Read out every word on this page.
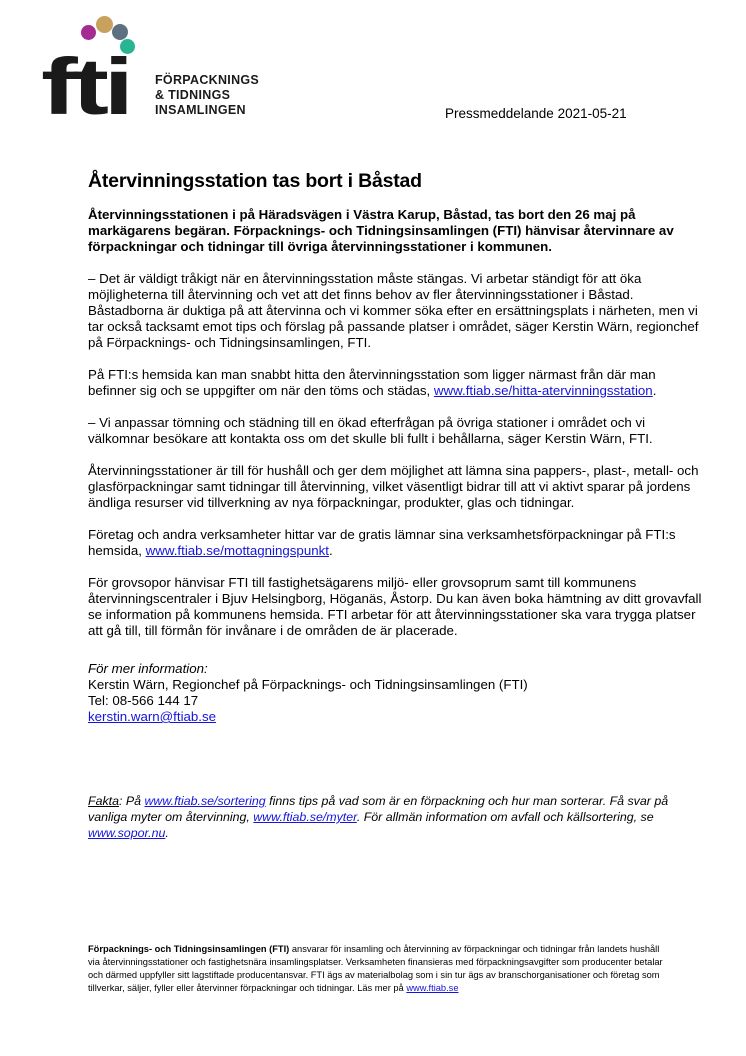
fti FÖRPACKNINGS
& TIDNINGS
INSAMLINGEN	Pressmeddelande 2021-05-21
Återvinningsstation tas bort i Båstad

Återvinningsstationen i på Häradsvägen i Västra Karup, Båstad, tas bort den 26 maj på markägarens begäran. Förpacknings- och Tidningsinsamlingen (FTI) hänvisar återvinnare av förpackningar och tidningar till övriga återvinningsstationer i kommunen.

– Det är väldigt tråkigt när en återvinningsstation måste stängas. Vi arbetar ständigt för att öka möjligheterna till återvinning och vet att det finns behov av fler återvinningsstationer i Båstad. Båstadborna är duktiga på att återvinna och vi kommer söka efter en ersättningsplats i närheten, men vi tar också tacksamt emot tips och förslag på passande platser i området, säger Kerstin Wärn, regionchef på Förpacknings- och Tidningsinsamlingen, FTI.

På FTI:s hemsida kan man snabbt hitta den återvinningsstation som ligger närmast från där man befinner sig och se uppgifter om när den töms och städas, www.ftiab.se/hitta-atervinningsstation.

– Vi anpassar tömning och städning till en ökad efterfrågan på övriga stationer i området och vi välkomnar besökare att kontakta oss om det skulle bli fullt i behållarna, säger Kerstin Wärn, FTI.

Återvinningsstationer är till för hushåll och ger dem möjlighet att lämna sina pappers-, plast-, metall- och glasförpackningar samt tidningar till återvinning, vilket väsentligt bidrar till att vi aktivt sparar på jordens ändliga resurser vid tillverkning av nya förpackningar, produkter, glas och tidningar.

Företag och andra verksamheter hittar var de gratis lämnar sina verksamhetsförpackningar på FTI:s hemsida, www.ftiab.se/mottagningspunkt.

För grovsopor hänvisar FTI till fastighetsägarens miljö- eller grovsoprum samt till kommunens återvinningscentraler i Bjuv Helsingborg, Höganäs, Åstorp. Du kan även boka hämtning av ditt grovavfall se information på kommunens hemsida. FTI arbetar för att återvinningsstationer ska vara trygga platser att gå till, till förmån för invånare i de områden de är placerade.

För mer information:
Kerstin Wärn, Regionchef på Förpacknings- och Tidningsinsamlingen (FTI)
Tel: 08-566 144 17
kerstin.warn@ftiab.se
Fakta: På www.ftiab.se/sortering finns tips på vad som är en förpackning och hur man sorterar. Få svar på vanliga myter om återvinning, www.ftiab.se/myter. För allmän information om avfall och källsortering, se www.sopor.nu.
Förpacknings- och Tidningsinsamlingen (FTI) ansvarar för insamling och återvinning av förpackningar och tidningar från landets hushåll via återvinningsstationer och fastighetsnära insamlingsplatser. Verksamheten finansieras med förpackningsavgifter som producenter betalar och därmed uppfyller sitt lagstiftade producentansvar. FTI ägs av materialbolag som i sin tur ägs av branschorganisationer och företag som tillverkar, säljer, fyller eller återvinner förpackningar och tidningar. Läs mer på www.ftiab.se
